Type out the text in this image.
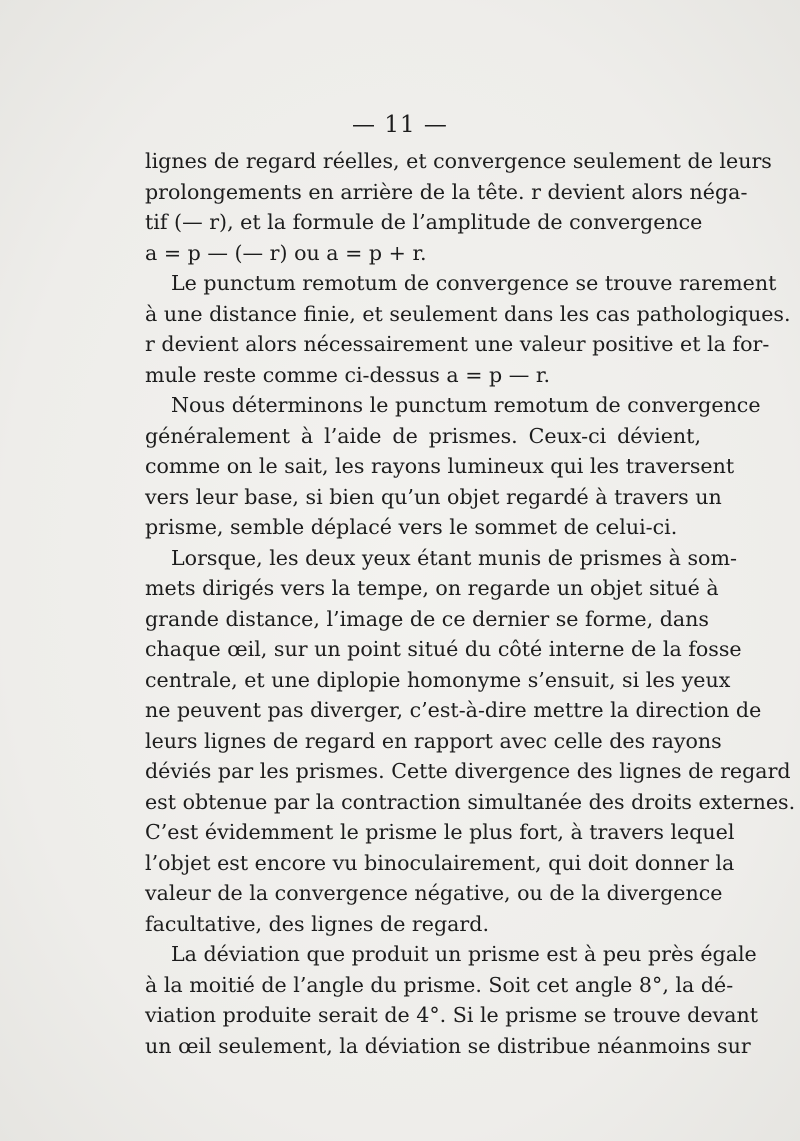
— 11 —
lignes de regard réelles, et convergence seulement de leurs
prolongements en arrière de la tête. r devient alors néga-
tif (— r), et la formule de l’amplitude de convergence
a = p — (— r) ou a = p + r.
Le punctum remotum de convergence se trouve rarement
à une distance finie, et seulement dans les cas pathologiques.
r devient alors nécessairement une valeur positive et la for-
mule reste comme ci-dessus a = p — r.
Nous déterminons le punctum remotum de convergence
généralement à l’aide de prismes. Ceux-ci dévient,
comme on le sait, les rayons lumineux qui les traversent
vers leur base, si bien qu’un objet regardé à travers un
prisme, semble déplacé vers le sommet de celui-ci.
Lorsque, les deux yeux étant munis de prismes à som-
mets dirigés vers la tempe, on regarde un objet situé à
grande distance, l’image de ce dernier se forme, dans
chaque œil, sur un point situé du côté interne de la fosse
centrale, et une diplopie homonyme s’ensuit, si les yeux
ne peuvent pas diverger, c’est-à-dire mettre la direction de
leurs lignes de regard en rapport avec celle des rayons
déviés par les prismes. Cette divergence des lignes de regard
est obtenue par la contraction simultanée des droits externes.
C’est évidemment le prisme le plus fort, à travers lequel
l’objet est encore vu binoculairement, qui doit donner la
valeur de la convergence négative, ou de la divergence
facultative, des lignes de regard.
La déviation que produit un prisme est à peu près égale
à la moitié de l’angle du prisme. Soit cet angle 8°, la dé-
viation produite serait de 4°. Si le prisme se trouve devant
un œil seulement, la déviation se distribue néanmoins sur
